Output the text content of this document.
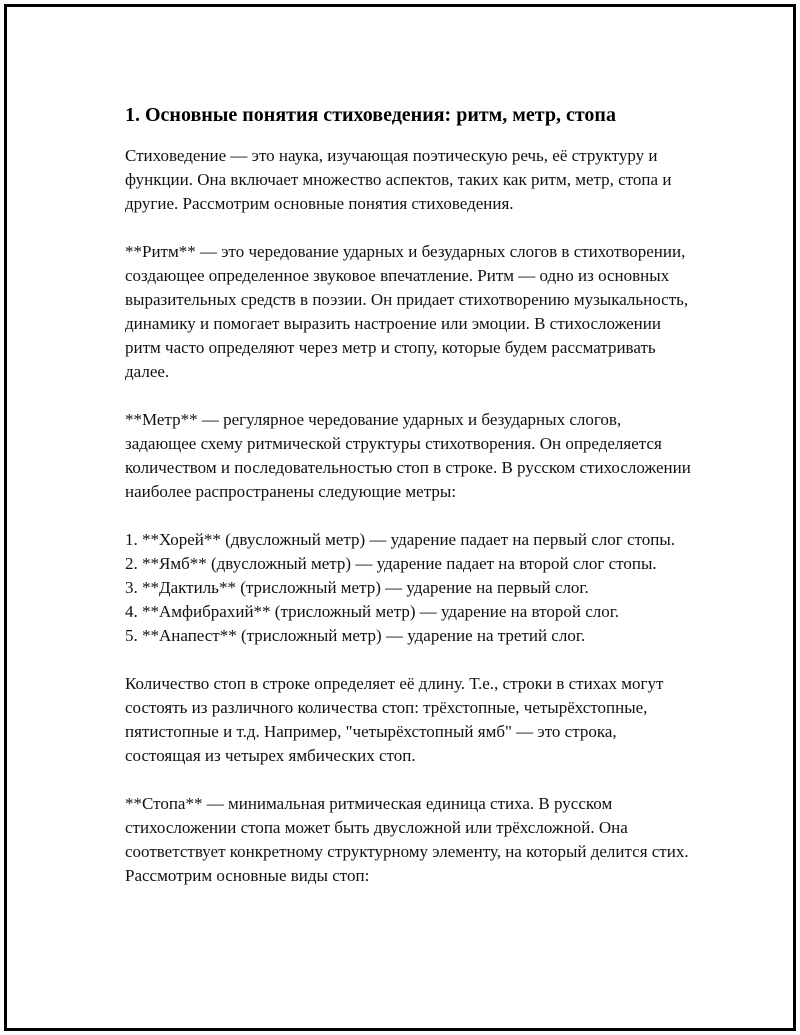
1. Основные понятия стиховедения: ритм, метр, стопа

Стиховедение — это наука, изучающая поэтическую речь, её структуру и функции. Она включает множество аспектов, таких как ритм, метр, стопа и другие. Рассмотрим основные понятия стиховедения.

**Ритм** — это чередование ударных и безударных слогов в стихотворении, создающее определенное звуковое впечатление. Ритм — одно из основных выразительных средств в поэзии. Он придает стихотворению музыкальность, динамику и помогает выразить настроение или эмоции. В стихосложении ритм часто определяют через метр и стопу, которые будем рассматривать далее.

**Метр** — регулярное чередование ударных и безударных слогов, задающее схему ритмической структуры стихотворения. Он определяется количеством и последовательностью стоп в строке. В русском стихосложении наиболее распространены следующие метры:

1. **Хорей** (двусложный метр) — ударение падает на первый слог стопы.
2. **Ямб** (двусложный метр) — ударение падает на второй слог стопы.
3. **Дактиль** (трисложный метр) — ударение на первый слог.
4. **Амфибрахий** (трисложный метр) — ударение на второй слог.
5. **Анапест** (трисложный метр) — ударение на третий слог.

Количество стоп в строке определяет её длину. Т.е., строки в стихах могут состоять из различного количества стоп: трёхстопные, четырёхстопные, пятистопные и т.д. Например, "четырёхстопный ямб" — это строка, состоящая из четырех ямбических стоп.

**Стопа** — минимальная ритмическая единица стиха. В русском стихосложении стопа может быть двусложной или трёхсложной. Она соответствует конкретному структурному элементу, на который делится стих. Рассмотрим основные виды стоп:
